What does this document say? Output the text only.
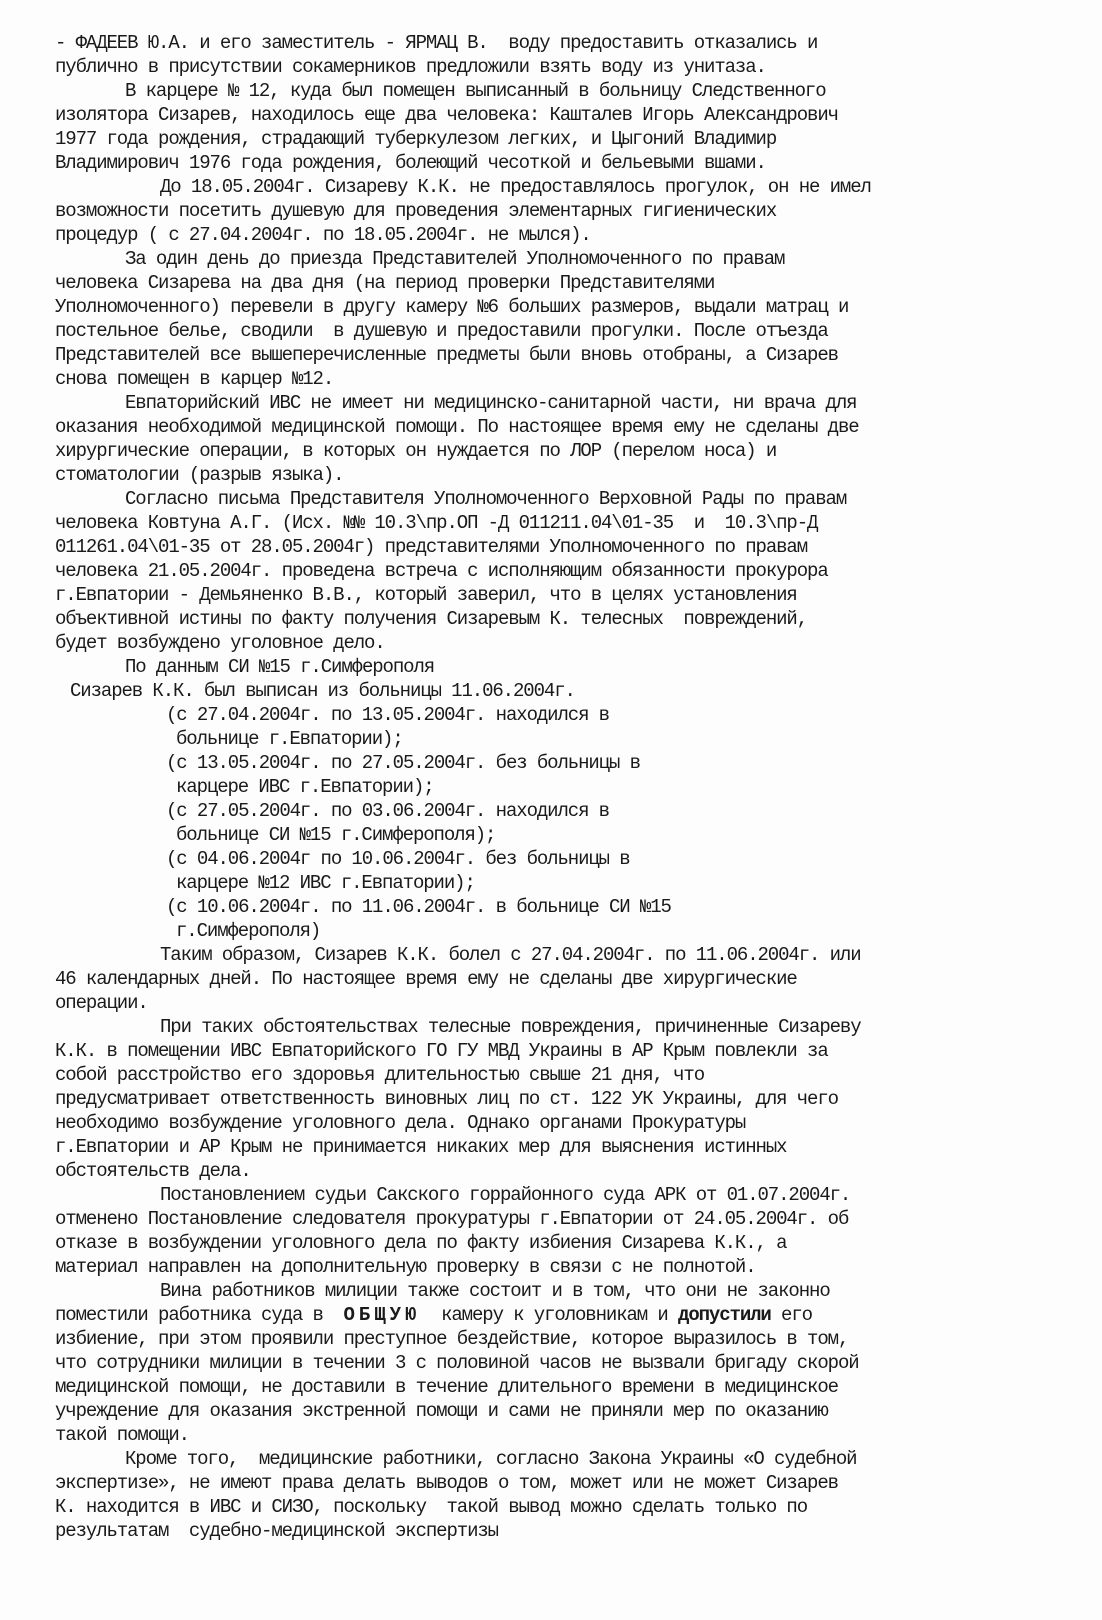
- ФАДЕЕВ Ю.А. и его заместитель - ЯРМАЦ В.  воду предоставить отказались и
публично в присутствии сокамерников предложили взять воду из унитаза.
В карцере № 12, куда был помещен выписанный в больницу Следственного
изолятора Сизарев, находилось еще два человека: Кашталев Игорь Александрович
1977 года рождения, страдающий туберкулезом легких, и Цыгоний Владимир
Владимирович 1976 года рождения, болеющий чесоткой и бельевыми вшами.
До 18.05.2004г. Сизареву К.К. не предоставлялось прогулок, он не имел
возможности посетить душевую для проведения элементарных гигиенических
процедур ( с 27.04.2004г. по 18.05.2004г. не мылся).
За один день до приезда Представителей Уполномоченного по правам
человека Сизарева на два дня (на период проверки Представителями
Уполномоченного) перевели в другу камеру №6 больших размеров, выдали матрац и
постельное белье, сводили  в душевую и предоставили прогулки. После отъезда
Представителей все вышеперечисленные предметы были вновь отобраны, а Сизарев
снова помещен в карцер №12.
Евпаторийский ИВС не имеет ни медицинско-санитарной части, ни врача для
оказания необходимой медицинской помощи. По настоящее время ему не сделаны две
хирургические операции, в которых он нуждается по ЛОР (перелом носа) и
стоматологии (разрыв языка).
Согласно письма Представителя Уполномоченного Верховной Рады по правам
человека Ковтуна А.Г. (Исх. №№ 10.3\пр.ОП -Д 011211.04\01-35  и  10.3\пр-Д
011261.04\01-35 от 28.05.2004г) представителями Уполномоченного по правам
человека 21.05.2004г. проведена встреча с исполняющим обязанности прокурора
г.Евпатории - Демьяненко В.В., который заверил, что в целях установления
объективной истины по факту получения Сизаревым К. телесных  повреждений,
будет возбуждено уголовное дело.
По данным СИ №15 г.Симферополя
Сизарев К.К. был выписан из больницы 11.06.2004г.
(с 27.04.2004г. по 13.05.2004г. находился в
больнице г.Евпатории);
(с 13.05.2004г. по 27.05.2004г. без больницы в
карцере ИВС г.Евпатории);
(с 27.05.2004г. по 03.06.2004г. находился в
больнице СИ №15 г.Симферополя);
(с 04.06.2004г по 10.06.2004г. без больницы в
карцере №12 ИВС г.Евпатории);
(с 10.06.2004г. по 11.06.2004г. в больнице СИ №15
г.Симферополя)
Таким образом, Сизарев К.К. болел с 27.04.2004г. по 11.06.2004г. или
46 календарных дней. По настоящее время ему не сделаны две хирургические
операции.
При таких обстоятельствах телесные повреждения, причиненные Сизареву
К.К. в помещении ИВС Евпаторийского ГО ГУ МВД Украины в АР Крым повлекли за
собой расстройство его здоровья длительностью свыше 21 дня, что
предусматривает ответственность виновных лиц по ст. 122 УК Украины, для чего
необходимо возбуждение уголовного дела. Однако органами Прокуратуры
г.Евпатории и АР Крым не принимается никаких мер для выяснения истинных
обстоятельств дела.
Постановлением судьи Сакского горрайонного суда АРК от 01.07.2004г.
отменено Постановление следователя прокуратуры г.Евпатории от 24.05.2004г. об
отказе в возбуждении уголовного дела по факту избиения Сизарева К.К., а
материал направлен на дополнительную проверку в связи с не полнотой.
Вина работников милиции также состоит и в том, что они не законно
поместили работника суда в  ОБЩУЮ  камеру к уголовникам и допустили его
избиение, при этом проявили преступное бездействие, которое выразилось в том,
что сотрудники милиции в течении 3 с половиной часов не вызвали бригаду скорой
медицинской помощи, не доставили в течение длительного времени в медицинское
учреждение для оказания экстренной помощи и сами не приняли мер по оказанию
такой помощи.
Кроме того,  медицинские работники, согласно Закона Украины «О судебной
экспертизе», не имеют права делать выводов о том, может или не может Сизарев
К. находится в ИВС и СИЗО, поскольку  такой вывод можно сделать только по
результатам  судебно-медицинской экспертизы
